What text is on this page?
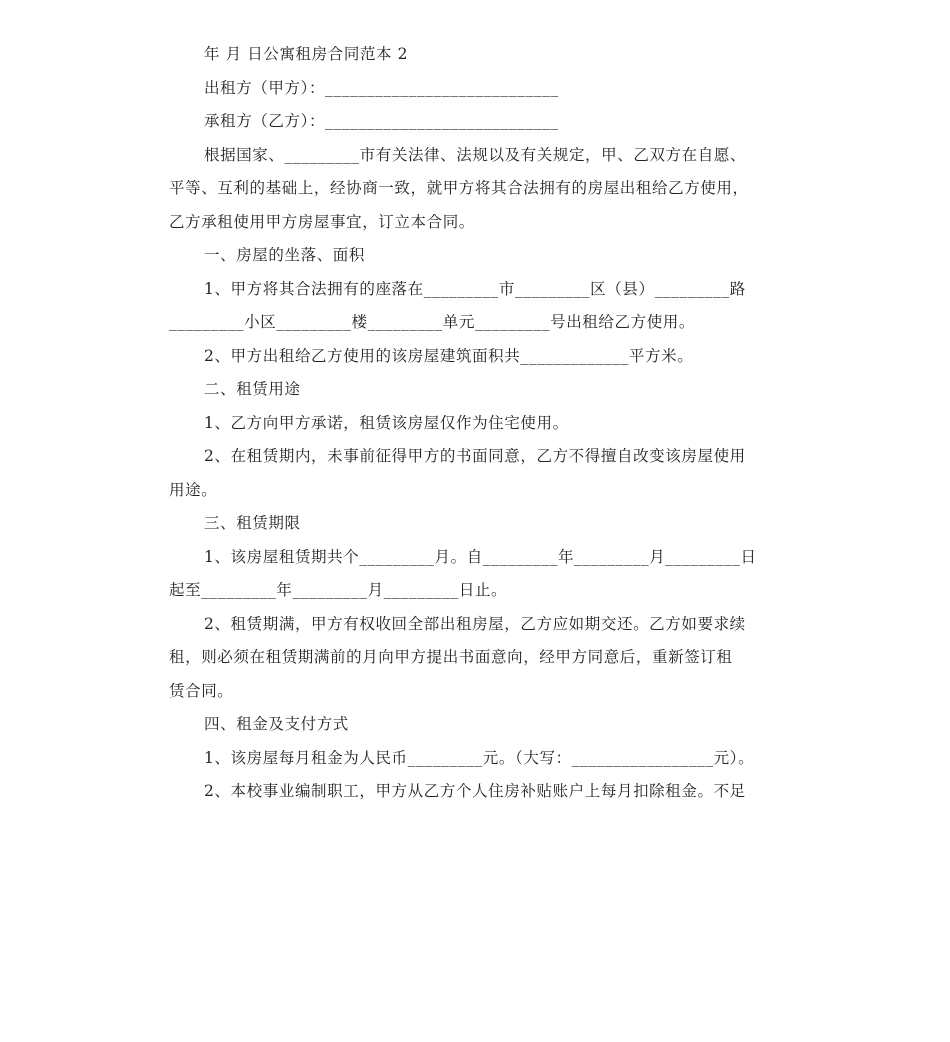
年 月 日公寓租房合同范本 2
出租方（甲方）：____________________________
承租方（乙方）：____________________________
根据国家、_________市有关法律、法规以及有关规定，甲、乙双方在自愿、
平等、互利的基础上，经协商一致，就甲方将其合法拥有的房屋出租给乙方使用，
乙方承租使用甲方房屋事宜，订立本合同。
一、房屋的坐落、面积
1、甲方将其合法拥有的座落在_________市_________区（县）_________路
_________小区_________楼_________单元_________号出租给乙方使用。
2、甲方出租给乙方使用的该房屋建筑面积共_____________平方米。
二、租赁用途
1、乙方向甲方承诺，租赁该房屋仅作为住宅使用。
2、在租赁期内，未事前征得甲方的书面同意，乙方不得擅自改变该房屋使用
用途。
三、租赁期限
1、该房屋租赁期共个_________月。自_________年_________月_________日
起至_________年_________月_________日止。
2、租赁期满，甲方有权收回全部出租房屋，乙方应如期交还。乙方如要求续
租，则必须在租赁期满前的月向甲方提出书面意向，经甲方同意后，重新签订租
赁合同。
四、租金及支付方式
1、该房屋每月租金为人民币_________元。（大写：_________________元）。
2、本校事业编制职工，甲方从乙方个人住房补贴账户上每月扣除租金。不足
